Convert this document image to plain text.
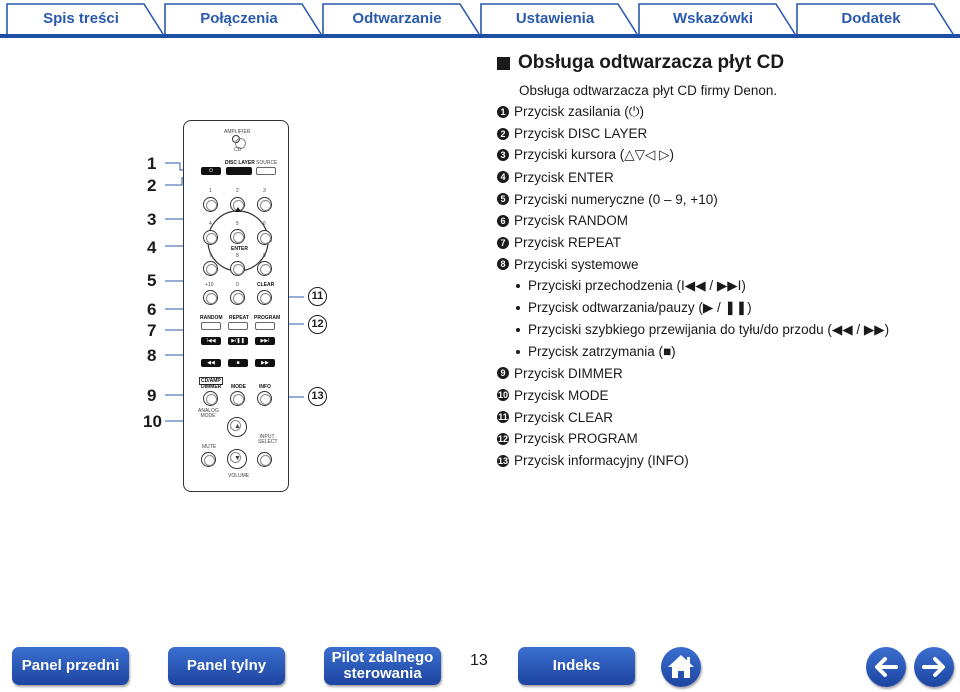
Spis treści	Połączenia	Odtwarzanie	Ustawienia	Wskazówki	Dodatek
Obsługa odtwarzacza płyt CD
Obsługa odtwarzacza płyt CD firmy Denon.
1 Przycisk zasilania (⏻)
2 Przycisk DISC LAYER
3 Przyciski kursora (△▽◁ ▷)
4 Przycisk ENTER
5 Przyciski numeryczne (0 – 9, +10)
6 Przycisk RANDOM
7 Przycisk REPEAT
8 Przyciski systemowe
Przyciski przechodzenia (I◀◀ / ▶▶I)
Przycisk odtwarzania/pauzy (▶ / ❚❚)
Przyciski szybkiego przewijania do tyłu/do przodu (◀◀ / ▶▶)
Przycisk zatrzymania (■)
9 Przycisk DIMMER
10 Przycisk MODE
11 Przycisk CLEAR
12 Przycisk PROGRAM
13 Przycisk informacyjny (INFO)
1
2
3
4
5
6
7
8
9
10
11
12
13
AMPLIFIER
CD
⏻
DISC LAYER SOURCE
1	2	3
4	5	6
ENTER
7	8	9
+10	0	CLEAR
RANDOM REPEAT PROGRAM
I◀◀	▶/❚❚	▶▶I
◀◀	■	▶▶
CD/AMP
DIMMER MODE	INFO
ANALOG MODE
▲
MUTE
INPUT SELECT
▼
VOLUME
Panel przedni	Panel tylny	Pilot zdalnego
sterowania
13	Indeks
